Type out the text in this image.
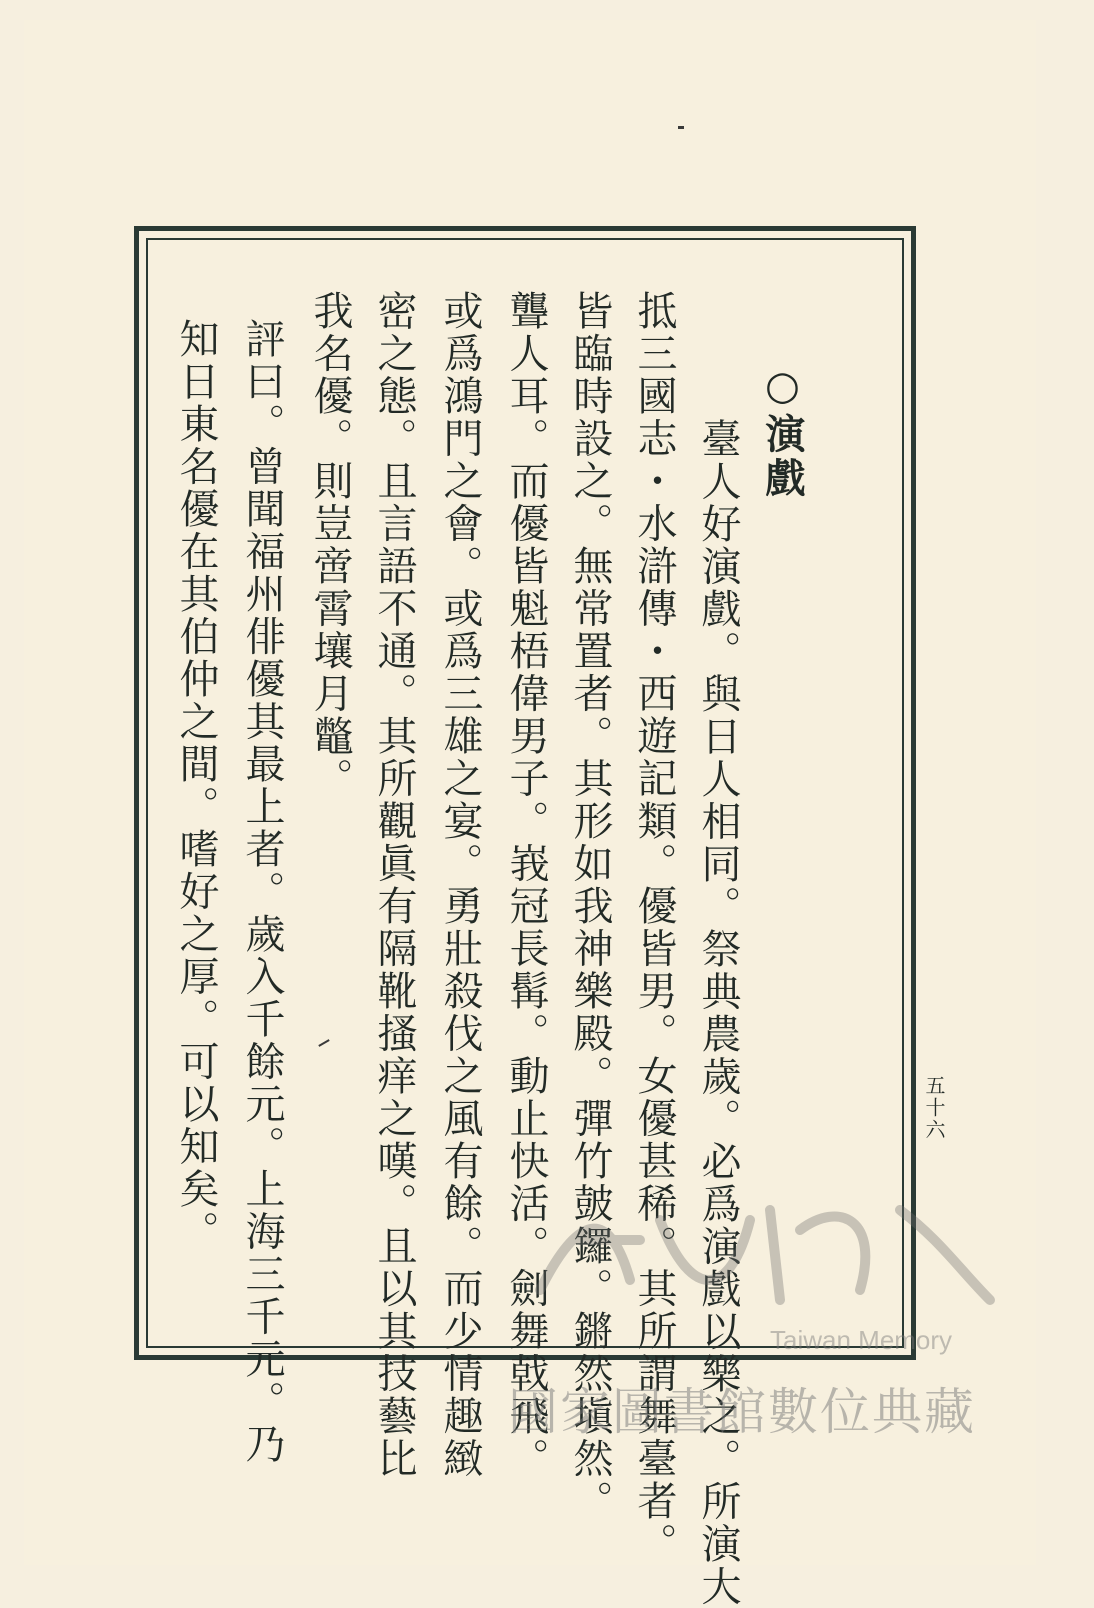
○演戲
臺人好演戲。與日人相同。祭典農歲。必爲演戲以樂之。所演大
抵三國志・水滸傳・西遊記類。優皆男。女優甚稀。其所謂舞臺者。
皆臨時設之。無常置者。其形如我神樂殿。彈竹皷鑼。鏘然塡然。
聾人耳。而優皆魁梧偉男子。峩冠長髯。動止快活。劍舞戟飛。
或爲鴻門之會。或爲三雄之宴。勇壯殺伐之風有餘。而少情趣緻
密之態。且言語不通。其所觀眞有隔靴搔痒之嘆。且以其技藝比
我名優。則豈啻霄壤月鼈。
評曰。曾聞福州俳優其最上者。歲入千餘元。上海三千元。乃
知日東名優在其伯仲之間。嗜好之厚。可以知矣。	五十六
Taiwan Memory
國家圖書館數位典藏
